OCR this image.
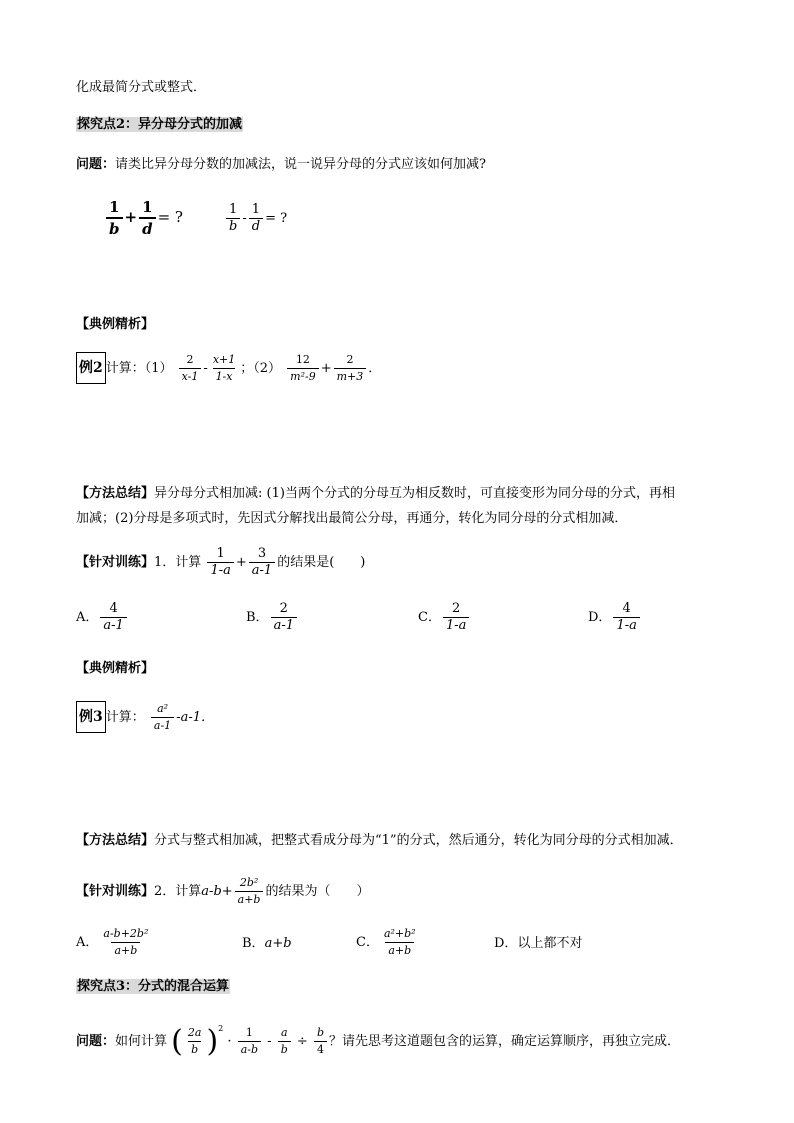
化成最简分式或整式．
探究点2：异分母分式的加减
问题：请类比异分母分数的加减法，说一说异分母的分式应该如何加减?
$\frac{1}{b} + \frac{1}{d}$ = ?	$\frac{1}{b} - \frac{1}{d}$ = ?
【典例精析】
例2 计算：$(1) \frac{2}{x-1} - \frac{x+1}{1-x}$ ；$(2) \frac{12}{\text{m²-9}} + \frac{2}{m+3}$ ．
【方法总结】异分母分式相加减: (1)当两个分式的分母互为相反数时，可直接变形为同分母的分式，再相
加减；(2)分母是多项式时，先因式分解找出最简公分母，再通分，转化为同分母的分式相加减．
【针对训练】1．计算 $\frac{1}{1-a} + \frac{3}{a-1}$ 的结果是(　　)
A． $\frac{4}{a-1}$	B． $\frac{2}{a-1}$	C． $\frac{2}{1-a}$	D． $\frac{4}{1-a}$
【典例精析】
例3 计算： $\frac{\text{a²}}{a-1} -a-1$．
【方法总结】分式与整式相加减，把整式看成分母为“1”的分式，然后通分，转化为同分母的分式相加减．
【针对训练】2．计算$a-b+ \frac{\text{2b²}}{a+b}$ 的结果为（　　）
A． $\frac{\text{a-b+2b²}}{a+b}$	B．a+b	C． $\frac{\text{a²+b²}}{a+b}$	D．以上都不对
探究点3：分式的混合运算
问题：如何计算 ( $\frac{2a}{b} )^2 \cdot \frac{1}{a-b} - \frac{a}{b} \div \frac{b}{4}$ ？请先思考这道题包含的运算，确定运算顺序，再独立完成．
